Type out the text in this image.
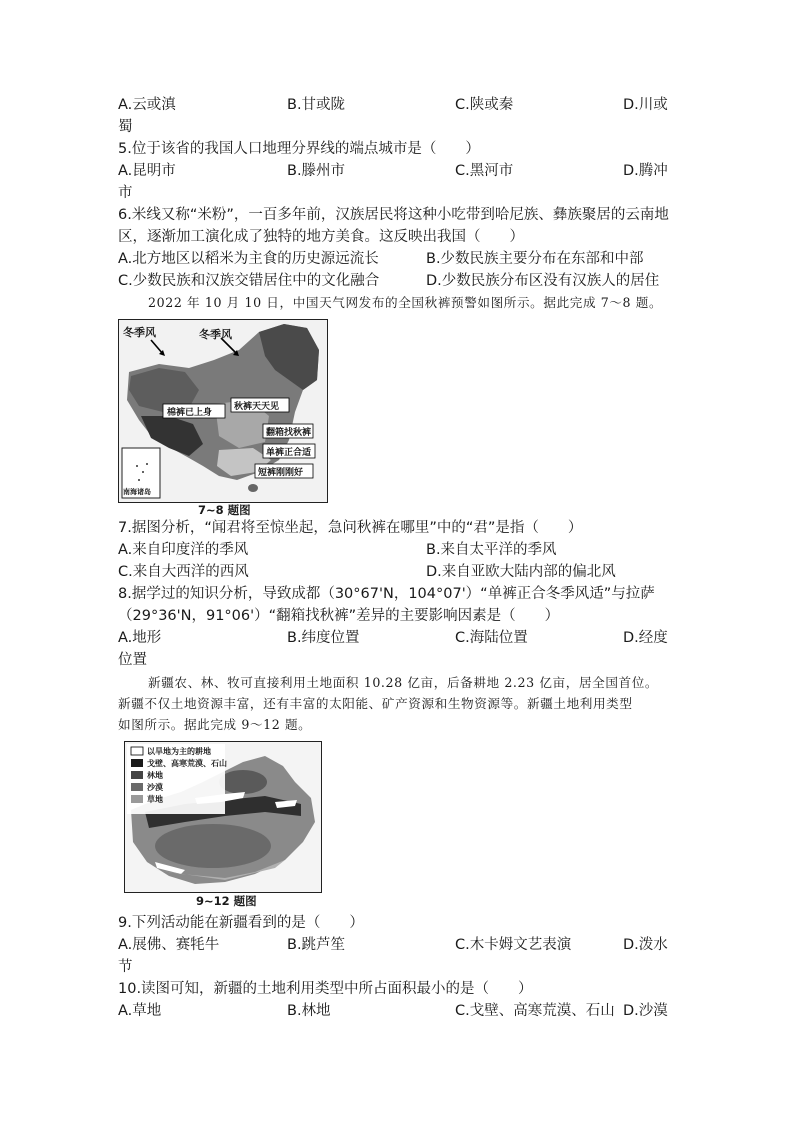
A.云或滇	B.甘或陇	C.陕或秦	D.川或
蜀
5.位于该省的我国人口地理分界线的端点城市是（　　）
A.昆明市	B.滕州市	C.黑河市	D.腾冲
市
6.米线又称“米粉”，一百多年前，汉族居民将这种小吃带到哈尼族、彝族聚居的云南地
区，逐渐加工演化成了独特的地方美食。这反映出我国（　　）
A.北方地区以稻米为主食的历史源远流长	B.少数民族主要分布在东部和中部
C.少数民族和汉族交错居住中的文化融合	D.少数民族分布区没有汉族人的居住
2022 年 10 月 10 日，中国天气网发布的全国秋裤预警如图所示。据此完成 7～8 题。
冬季风	冬季风
棉裤已上身
秋裤天天见
翻箱找秋裤
单裤正合适
短裤刚刚好
南海诸岛
7~8 题图
7.据图分析，“闻君将至惊坐起，急问秋裤在哪里”中的“君”是指（　　）
A.来自印度洋的季风	B.来自太平洋的季风
C.来自大西洋的西风	D.来自亚欧大陆内部的偏北风
8.据学过的知识分析，导致成都（30°67'N，104°07'）“单裤正合冬季风适”与拉萨
（29°36'N，91°06'）“翻箱找秋裤”差异的主要影响因素是（　　）
A.地形	B.纬度位置	C.海陆位置	D.经度
位置
新疆农、林、牧可直接利用土地面积 10.28 亿亩，后备耕地 2.23 亿亩，居全国首位。
新疆不仅土地资源丰富，还有丰富的太阳能、矿产资源和生物资源等。新疆土地利用类型
如图所示。据此完成 9～12 题。
以旱地为主的耕地
戈壁、高寒荒漠、石山
林地
沙漠
草地
9~12 题图
9.下列活动能在新疆看到的是（　　）
A.展佛、赛牦牛	B.跳芦笙	C.木卡姆文艺表演	D.泼水
节
10.读图可知，新疆的土地利用类型中所占面积最小的是（　　）
A.草地	B.林地	C.戈壁、高寒荒漠、石山 D.沙漠
